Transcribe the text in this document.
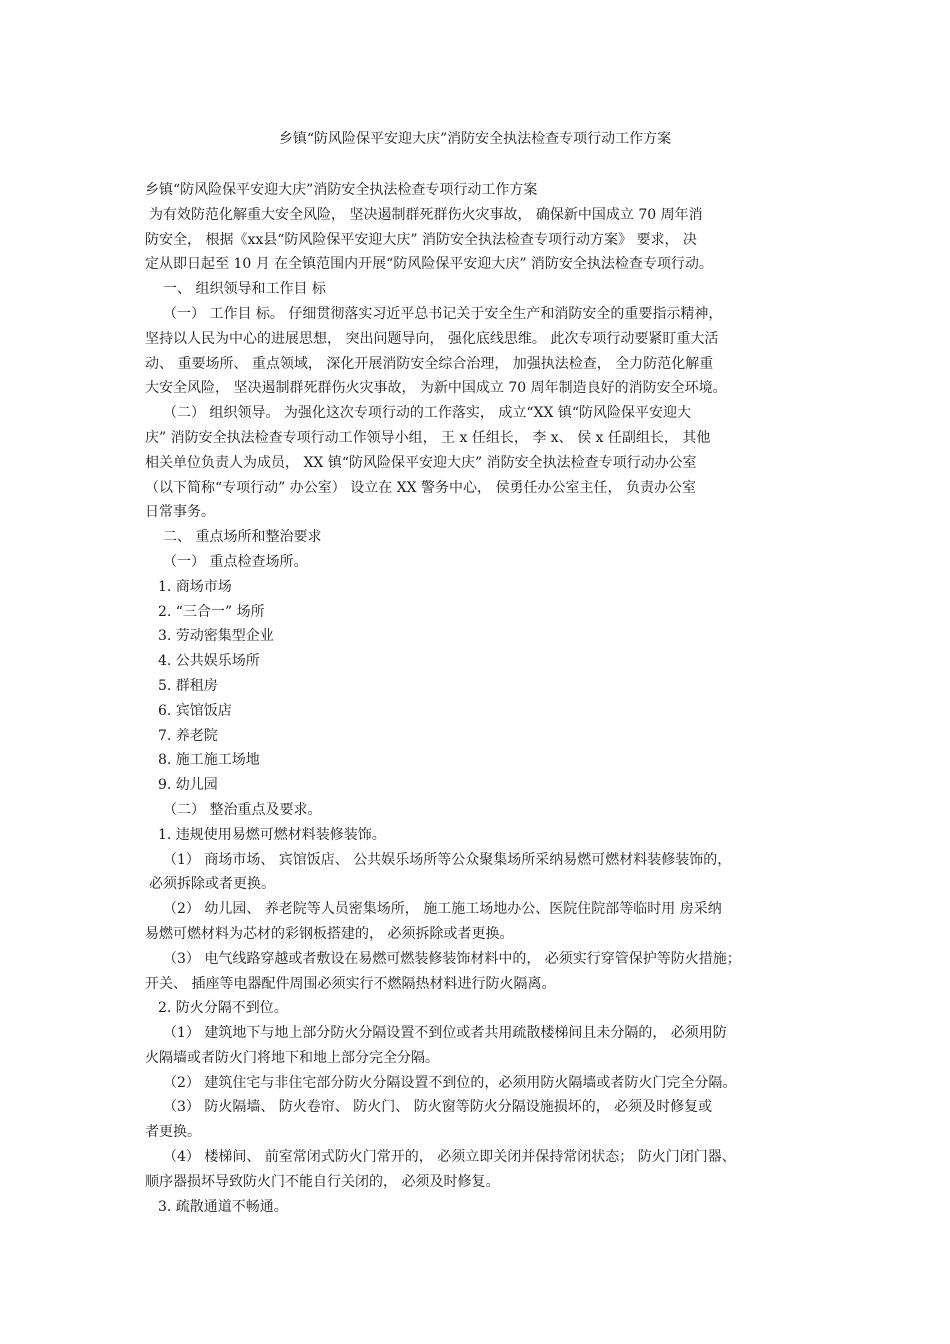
乡镇“防风险保平安迎大庆”消防安全执法检查专项行动工作方案
乡镇“防风险保平安迎大庆”消防安全执法检查专项行动工作方案
为有效防范化解重大安全风险， 坚决遏制群死群伤火灾事故， 确保新中国成立 70 周年消
防安全， 根据《xx县“防风险保平安迎大庆” 消防安全执法检查专项行动方案》 要求， 决
定从即日起至 10 月 在全镇范围内开展“防风险保平安迎大庆” 消防安全执法检查专项行动。
一、 组织领导和工作目 标
（一） 工作目 标。 仔细贯彻落实习近平总书记关于安全生产和消防安全的重要指示精神，
坚持以人民为中心的进展思想， 突出问题导向， 强化底线思维。 此次专项行动要紧盯重大活
动、 重要场所、 重点领域， 深化开展消防安全综合治理， 加强执法检查， 全力防范化解重
大安全风险， 坚决遏制群死群伤火灾事故， 为新中国成立 70 周年制造良好的消防安全环境。
（二） 组织领导。 为强化这次专项行动的工作落实， 成立“XX 镇“防风险保平安迎大
庆” 消防安全执法检查专项行动工作领导小组， 王 x 任组长， 李 x、 侯 x 任副组长， 其他
相关单位负责人为成员， XX 镇“防风险保平安迎大庆” 消防安全执法检查专项行动办公室
（以下简称“专项行动” 办公室） 设立在 XX 警务中心， 侯勇任办公室主任， 负责办公室
日常事务。
二、 重点场所和整治要求
（一） 重点检查场所。
1. 商场市场
2. “三合一” 场所
3. 劳动密集型企业
4. 公共娱乐场所
5. 群租房
6. 宾馆饭店
7. 养老院
8. 施工施工场地
9. 幼儿园
（二） 整治重点及要求。
1. 违规使用易燃可燃材料装修装饰。
（1） 商场市场、 宾馆饭店、 公共娱乐场所等公众聚集场所采纳易燃可燃材料装修装饰的，
必须拆除或者更换。
（2） 幼儿园、 养老院等人员密集场所， 施工施工场地办公、医院住院部等临时用 房采纳
易燃可燃材料为芯材的彩钢板搭建的， 必须拆除或者更换。
（3） 电气线路穿越或者敷设在易燃可燃装修装饰材料中的， 必须实行穿管保护等防火措施；
开关、 插座等电器配件周围必须实行不燃隔热材料进行防火隔离。
2. 防火分隔不到位。
（1） 建筑地下与地上部分防火分隔设置不到位或者共用疏散楼梯间且未分隔的， 必须用防
火隔墙或者防火门将地下和地上部分完全分隔。
（2） 建筑住宅与非住宅部分防火分隔设置不到位的，必须用防火隔墙或者防火门完全分隔。
（3） 防火隔墙、 防火卷帘、 防火门、 防火窗等防火分隔设施损坏的， 必须及时修复或
者更换。
（4） 楼梯间、 前室常闭式防火门常开的， 必须立即关闭并保持常闭状态； 防火门闭门器、
顺序器损坏导致防火门不能自行关闭的， 必须及时修复。
3. 疏散通道不畅通。
